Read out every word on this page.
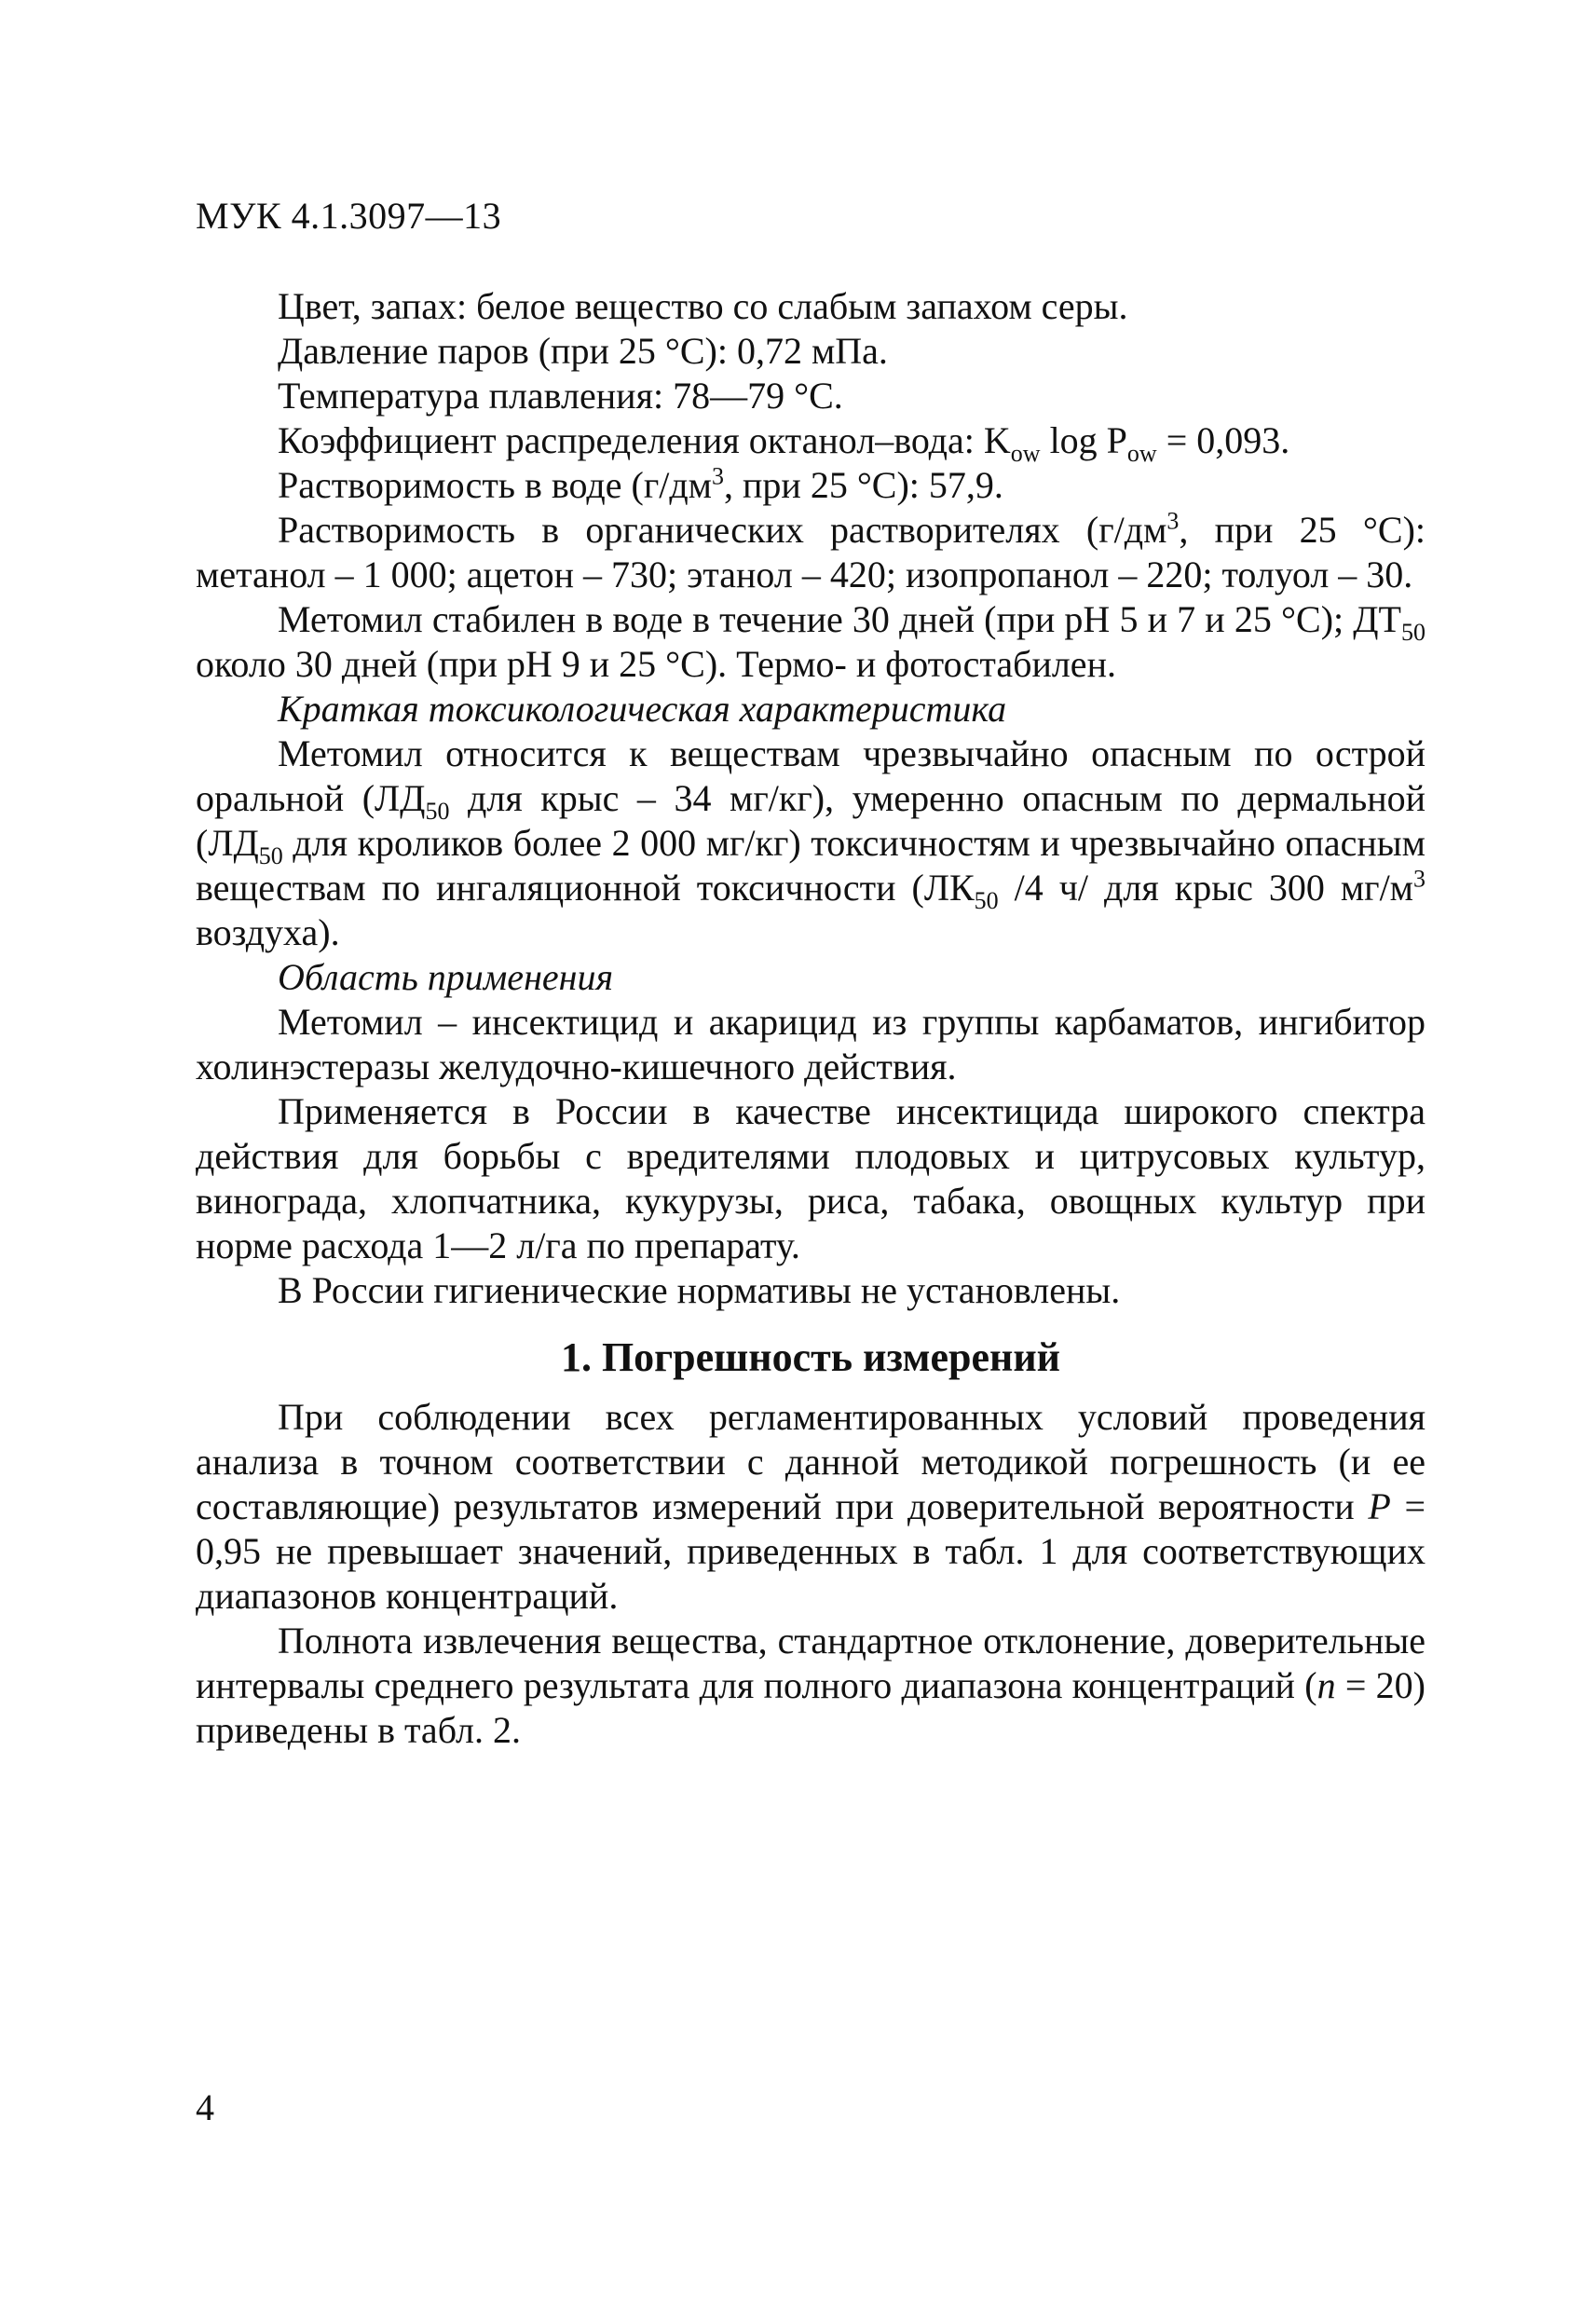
МУК 4.1.3097—13

Цвет, запах: белое вещество со слабым запахом серы.

Давление паров (при 25 °С): 0,72 мПа.

Температура плавления: 78—79 °С.

Коэффициент распределения октанол–вода: $K_{ow}$ $\log P_{ow} = 0,093$.

Растворимость в воде ($г/дм^3$, при 25 °С): 57,9.

Растворимость в органических растворителях ($г/дм^3$, при 25 °С): метанол – 1 000; ацетон – 730; этанол – 420; изопропанол – 220; толуол – 30.

Метомил стабилен в воде в течение 30 дней (при рН 5 и 7 и 25 °С); $ДТ_{50}$ около 30 дней (при рН 9 и 25 °С). Термо- и фотостабилен.

Краткая токсикологическая характеристика

Метомил относится к веществам чрезвычайно опасным по острой оральной ($ЛД_{50}$ для крыс – 34 мг/кг), умеренно опасным по дермальной ($ЛД_{50}$ для кроликов более 2 000 мг/кг) токсичностям и чрезвычайно опасным веществам по ингаляционной токсичности ($ЛК_{50}$ /4 ч/ для крыс 300 $мг/м^3$ воздуха).

Область применения

Метомил – инсектицид и акарицид из группы карбаматов, ингибитор холинэстеразы желудочно-кишечного действия.

Применяется в России в качестве инсектицида широкого спектра действия для борьбы с вредителями плодовых и цитрусовых культур, винограда, хлопчатника, кукурузы, риса, табака, овощных культур при норме расхода 1—2 л/га по препарату.

В России гигиенические нормативы не установлены.

1. Погрешность измерений

При соблюдении всех регламентированных условий проведения анализа в точном соответствии с данной методикой погрешность (и ее составляющие) результатов измерений при доверительной вероятности Р = 0,95 не превышает значений, приведенных в табл. 1 для соответствующих диапазонов концентраций.

Полнота извлечения вещества, стандартное отклонение, доверительные интервалы среднего результата для полного диапазона концентраций (n = 20) приведены в табл. 2.

4
